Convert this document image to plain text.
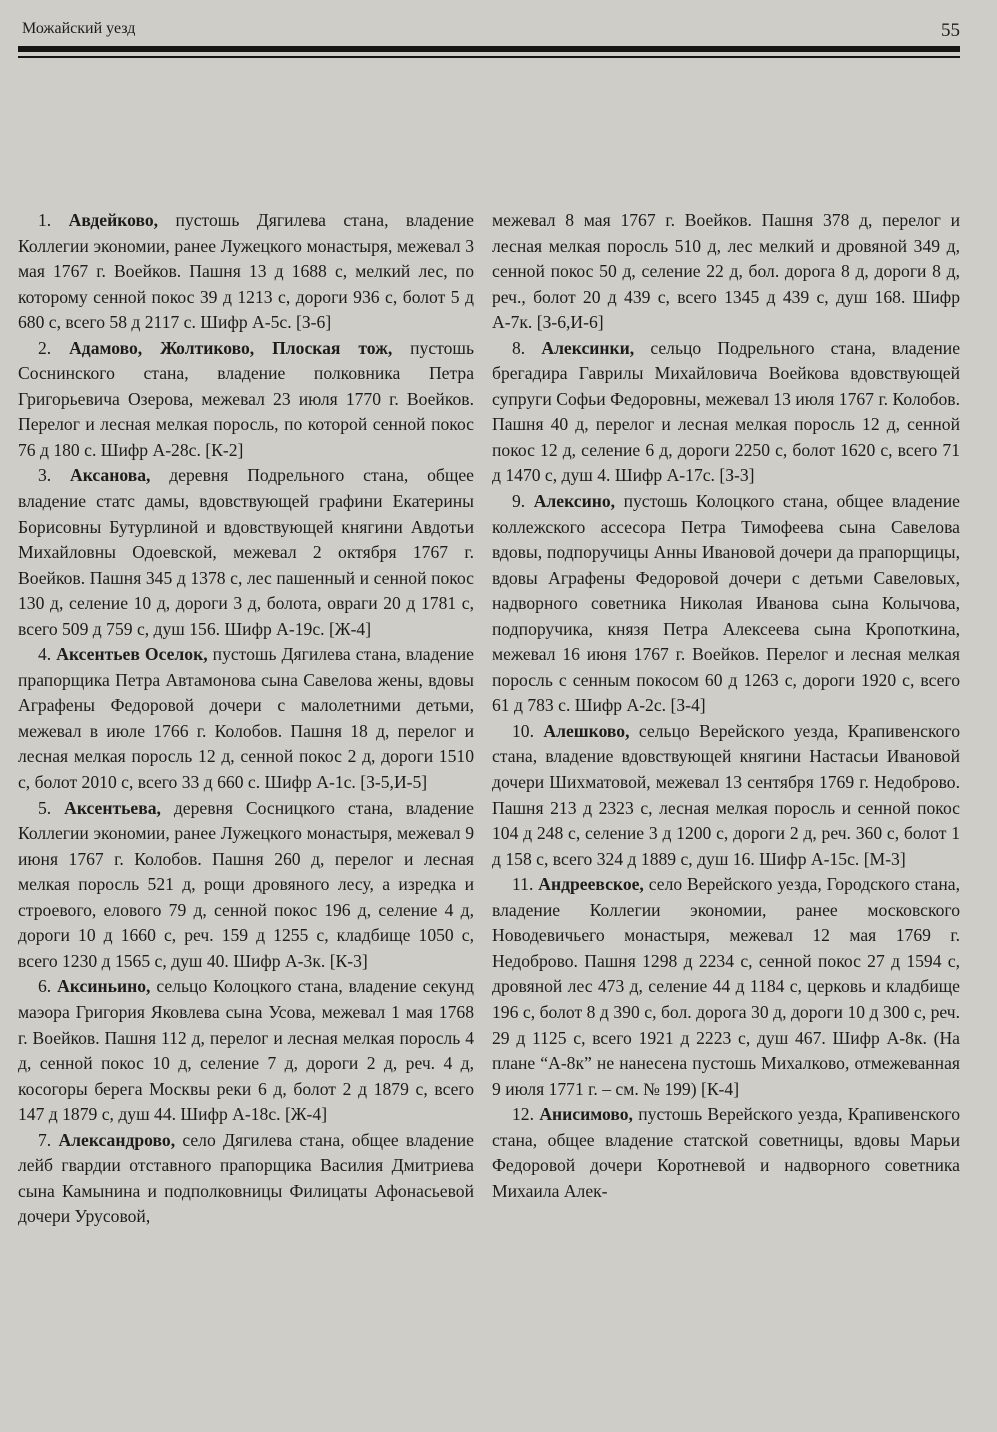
Можайский уезд	55

1. Авдейково, пустошь Дягилева стана, владение Коллегии экономии, ранее Лужецкого монастыря, межевал 3 мая 1767 г. Воейков. Пашня 13 д 1688 с, мелкий лес, по которому сенной покос 39 д 1213 с, дороги 936 с, болот 5 д 680 с, всего 58 д 2117 с. Шифр А-5с. [З-6]

2. Адамово, Жолтиково, Плоская тож, пустошь Соснинского стана, владение полковника Петра Григорьевича Озерова, межевал 23 июля 1770 г. Воейков. Перелог и лесная мелкая поросль, по которой сенной покос 76 д 180 с. Шифр А-28с. [К-2]

3. Аксанова, деревня Подрельного стана, общее владение статс дамы, вдовствующей графини Екатерины Борисовны Бутурлиной и вдовствующей княгини Авдотьи Михайловны Одоевской, межевал 2 октября 1767 г. Воейков. Пашня 345 д 1378 с, лес пашенный и сенной покос 130 д, селение 10 д, дороги 3 д, болота, овраги 20 д 1781 с, всего 509 д 759 с, душ 156. Шифр А-19с. [Ж-4]

4. Аксентьев Оселок, пустошь Дягилева стана, владение прапорщика Петра Автамонова сына Савелова жены, вдовы Аграфены Федоровой дочери с малолетними детьми, межевал в июле 1766 г. Колобов. Пашня 18 д, перелог и лесная мелкая поросль 12 д, сенной покос 2 д, дороги 1510 с, болот 2010 с, всего 33 д 660 с. Шифр А-1с. [З-5,И-5]

5. Аксентьева, деревня Сосницкого стана, владение Коллегии экономии, ранее Лужецкого монастыря, межевал 9 июня 1767 г. Колобов. Пашня 260 д, перелог и лесная мелкая поросль 521 д, рощи дровяного лесу, а изредка и строевого, елового 79 д, сенной покос 196 д, селение 4 д, дороги 10 д 1660 с, реч. 159 д 1255 с, кладбище 1050 с, всего 1230 д 1565 с, душ 40. Шифр А-3к. [К-3]

6. Аксиньино, сельцо Колоцкого стана, владение секунд маэора Григория Яковлева сына Усова, межевал 1 мая 1768 г. Воейков. Пашня 112 д, перелог и лесная мелкая поросль 4 д, сенной покос 10 д, селение 7 д, дороги 2 д, реч. 4 д, косогоры берега Москвы реки 6 д, болот 2 д 1879 с, всего 147 д 1879 с, душ 44. Шифр А-18с. [Ж-4]

7. Александрово, село Дягилева стана, общее владение лейб гвардии отставного прапорщика Василия Дмитриева сына Камынина и подполковницы Филицаты Афонасьевой дочери Урусовой,

межевал 8 мая 1767 г. Воейков. Пашня 378 д, перелог и лесная мелкая поросль 510 д, лес мелкий и дровяной 349 д, сенной покос 50 д, селение 22 д, бол. дорога 8 д, дороги 8 д, реч., болот 20 д 439 с, всего 1345 д 439 с, душ 168. Шифр А-7к. [З-6,И-6]

8. Алексинки, сельцо Подрельного стана, владение брегадира Гаврилы Михайловича Воейкова вдовствующей супруги Софьи Федоровны, межевал 13 июля 1767 г. Колобов. Пашня 40 д, перелог и лесная мелкая поросль 12 д, сенной покос 12 д, селение 6 д, дороги 2250 с, болот 1620 с, всего 71 д 1470 с, душ 4. Шифр А-17с. [З-3]

9. Алексино, пустошь Колоцкого стана, общее владение коллежского ассесора Петра Тимофеева сына Савелова вдовы, подпоручицы Анны Ивановой дочери да прапорщицы, вдовы Аграфены Федоровой дочери с детьми Савеловых, надворного советника Николая Иванова сына Колычова, подпоручика, князя Петра Алексеева сына Кропоткина, межевал 16 июня 1767 г. Воейков. Перелог и лесная мелкая поросль с сенным покосом 60 д 1263 с, дороги 1920 с, всего 61 д 783 с. Шифр А-2с. [З-4]

10. Алешково, сельцо Верейского уезда, Крапивенского стана, владение вдовствующей княгини Настасьи Ивановой дочери Шихматовой, межевал 13 сентября 1769 г. Недоброво. Пашня 213 д 2323 с, лесная мелкая поросль и сенной покос 104 д 248 с, селение 3 д 1200 с, дороги 2 д, реч. 360 с, болот 1 д 158 с, всего 324 д 1889 с, душ 16. Шифр А-15с. [М-3]

11. Андреевское, село Верейского уезда, Городского стана, владение Коллегии экономии, ранее московского Новодевичьего монастыря, межевал 12 мая 1769 г. Недоброво. Пашня 1298 д 2234 с, сенной покос 27 д 1594 с, дровяной лес 473 д, селение 44 д 1184 с, церковь и кладбище 196 с, болот 8 д 390 с, бол. дорога 30 д, дороги 10 д 300 с, реч. 29 д 1125 с, всего 1921 д 2223 с, душ 467. Шифр А-8к. (На плане “А-8к” не нанесена пустошь Михалково, отмежеванная 9 июля 1771 г. – см. № 199) [К-4]

12. Анисимово, пустошь Верейского уезда, Крапивенского стана, общее владение статской советницы, вдовы Марьи Федоровой дочери Коротневой и надворного советника Михаила Алек-
